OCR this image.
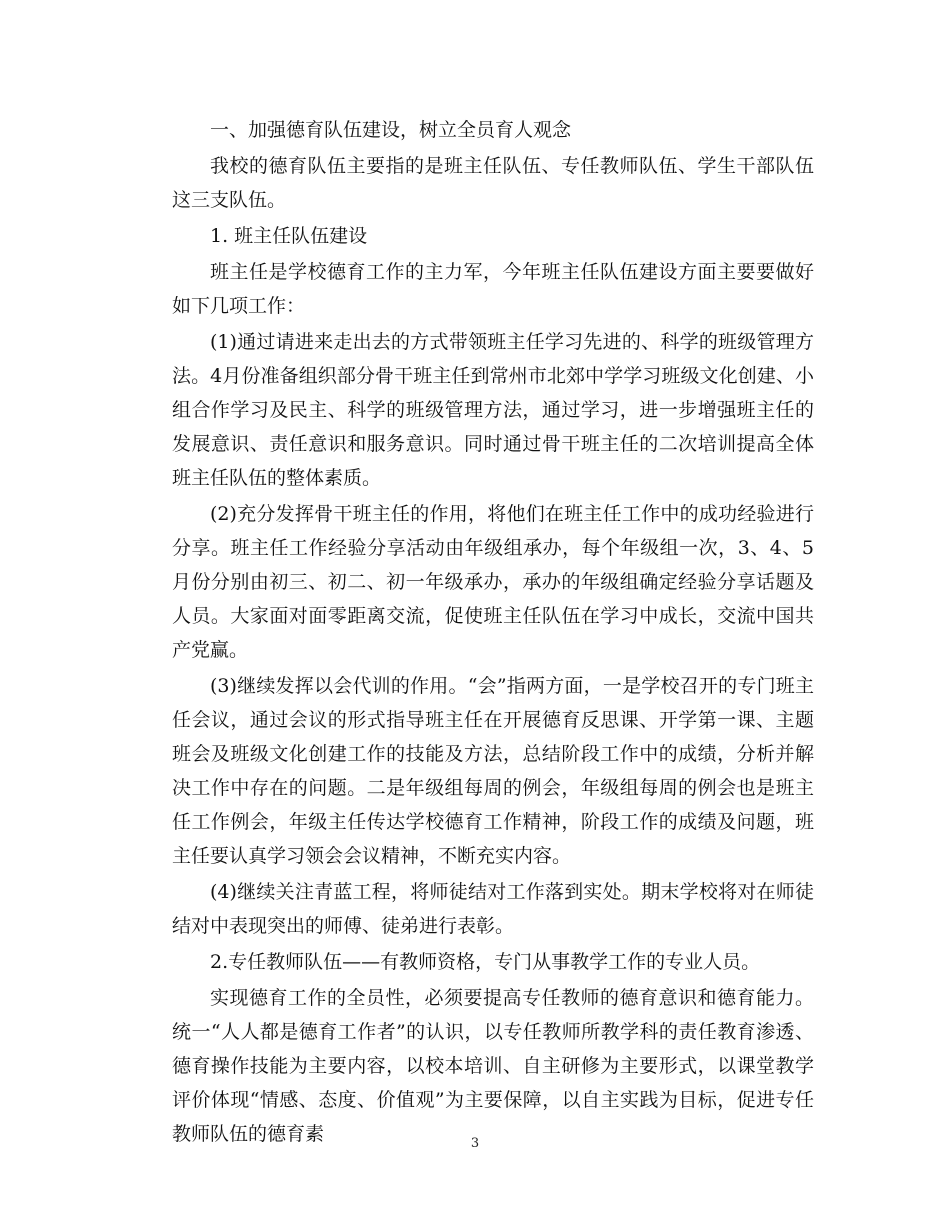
一、加强德育队伍建设，树立全员育人观念

我校的德育队伍主要指的是班主任队伍、专任教师队伍、学生干部队伍这三支队伍。

1. 班主任队伍建设

班主任是学校德育工作的主力军，今年班主任队伍建设方面主要要做好如下几项工作：

(1)通过请进来走出去的方式带领班主任学习先进的、科学的班级管理方法。4月份准备组织部分骨干班主任到常州市北郊中学学习班级文化创建、小组合作学习及民主、科学的班级管理方法，通过学习，进一步增强班主任的发展意识、责任意识和服务意识。同时通过骨干班主任的二次培训提高全体班主任队伍的整体素质。

(2)充分发挥骨干班主任的作用，将他们在班主任工作中的成功经验进行分享。班主任工作经验分享活动由年级组承办，每个年级组一次，3、4、5月份分别由初三、初二、初一年级承办，承办的年级组确定经验分享话题及人员。大家面对面零距离交流，促使班主任队伍在学习中成长，交流中国共产党赢。

(3)继续发挥以会代训的作用。“会”指两方面，一是学校召开的专门班主任会议，通过会议的形式指导班主任在开展德育反思课、开学第一课、主题班会及班级文化创建工作的技能及方法，总结阶段工作中的成绩，分析并解决工作中存在的问题。二是年级组每周的例会，年级组每周的例会也是班主任工作例会，年级主任传达学校德育工作精神，阶段工作的成绩及问题，班主任要认真学习领会会议精神，不断充实内容。

(4)继续关注青蓝工程，将师徒结对工作落到实处。期末学校将对在师徒结对中表现突出的师傅、徒弟进行表彰。

2.专任教师队伍——有教师资格，专门从事教学工作的专业人员。

实现德育工作的全员性，必须要提高专任教师的德育意识和德育能力。统一“人人都是德育工作者”的认识，以专任教师所教学科的责任教育渗透、德育操作技能为主要内容，以校本培训、自主研修为主要形式，以课堂教学评价体现“情感、态度、价值观”为主要保障，以自主实践为目标，促进专任教师队伍的德育素	3
